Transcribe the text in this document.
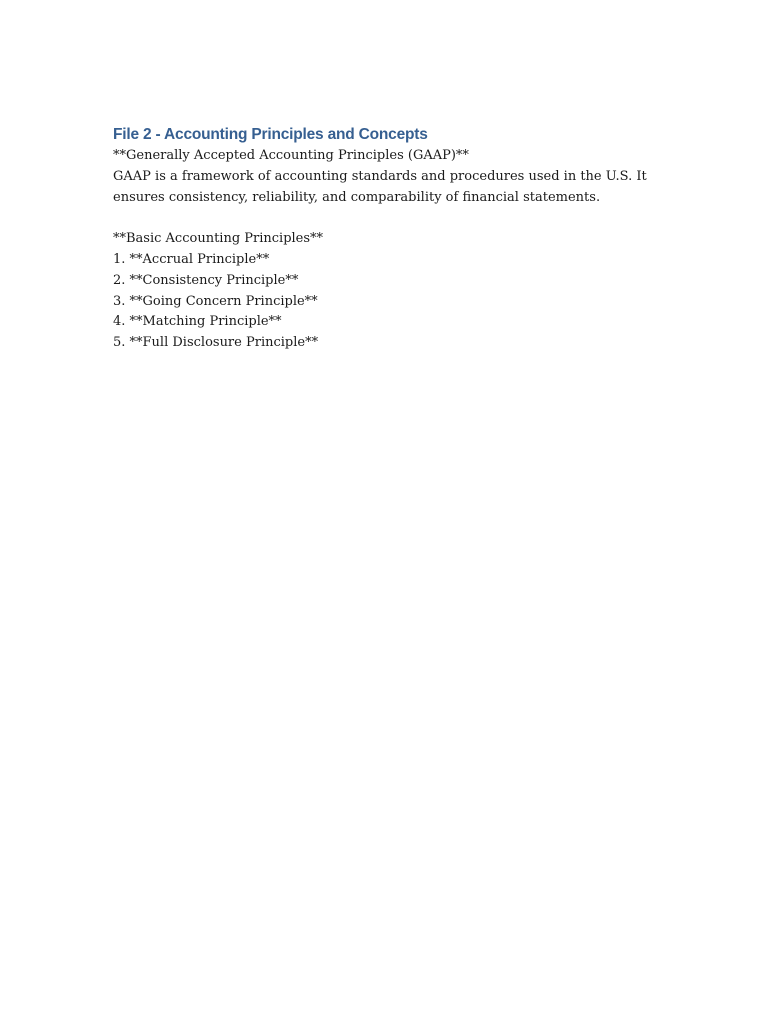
File 2 - Accounting Principles and Concepts

**Generally Accepted Accounting Principles (GAAP)**

GAAP is a framework of accounting standards and procedures used in the U.S. It

ensures consistency, reliability, and comparability of financial statements.

**Basic Accounting Principles**

1. **Accrual Principle**
2. **Consistency Principle**
3. **Going Concern Principle**
4. **Matching Principle**
5. **Full Disclosure Principle**
